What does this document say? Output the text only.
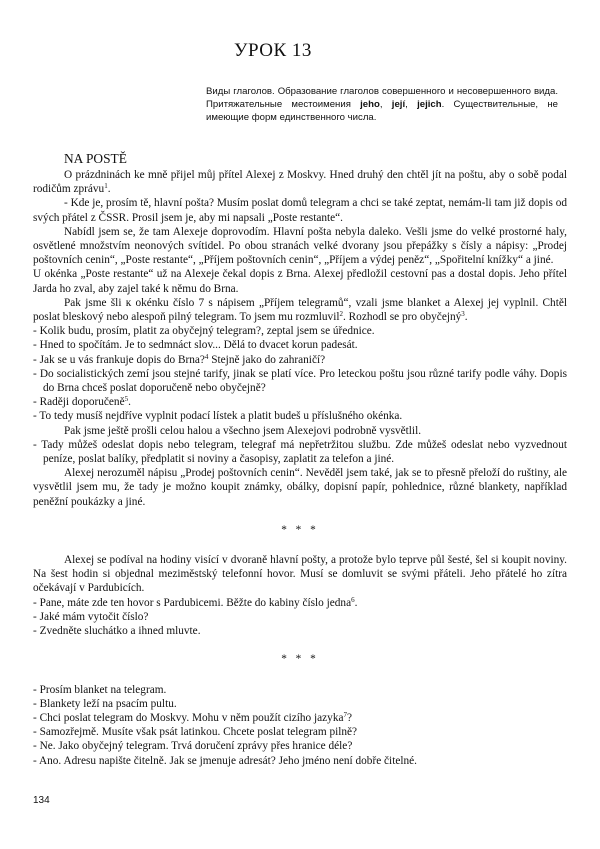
УРОК 13

Виды глаголов. Образование глаголов совершенного и несовершенного вида. Притяжательные местоимения jeho, její, jejich. Существительные, не имеющие форм единственного числа.

NA POSTĚ

O prázdninách ke mně přijel můj přítel Alexej z Moskvy. Hned druhý den chtěl jít na poštu, aby o sobě podal rodičům zprávu$^1$.

- Kde je, prosím tě, hlavní pošta? Musím poslat domů telegram a chci se také zeptat, nemám-li tam již dopis od svých přátel z ČSSR. Prosil jsem je, aby mi napsali „Poste restante“.

Nabídl jsem se, že tam Alexeje doprovodím. Hlavní pošta nebyla daleko. Vešli jsme do velké prostorné haly, osvětlené množstvím neonových svítidel. Po obou stranách velké dvorany jsou přepážky s čísly a nápisy: „Prodej poštovních cenin“, „Poste restante“, „Příjem poštovních cenin“, „Příjem a výdej peněz“, „Spořitelní knížky“ a jiné.

U okénka „Poste restante“ už na Alexeje čekal dopis z Brna. Alexej předložil cestovní pas a dostal dopis. Jeho přítel Jarda ho zval, aby zajel také k němu do Brna.

Pak jsme šli к okénku číslo 7 s nápisem „Příjem telegramů“, vzali jsme blanket a Alexej jej vyplnil. Chtěl poslat bleskový nebo alespoň pilný telegram. To jsem mu rozmluvil$^2$. Rozhodl se pro obyčejný$^3$.

- Kolik budu, prosím, platit za obyčejný telegram?, zeptal jsem se úřednice.

- Hned to spočítám. Je to sedmnáct slov... Dělá to dvacet korun padesát.

- Jak se u vás frankuje dopis do Brna?$^4$ Stejně jako do zahraničí?

- Do socialistických zemí jsou stejné tarify, jinak se platí více. Pro leteckou poštu jsou různé tarify podle váhy. Dopis do Brna chceš poslat doporučeně nebo obyčejně?

- Raději doporučeně$^5$.

- To tedy musíš nejdříve vyplnit podací lístek a platit budeš u příslušného okénka.

Pak jsme ještě prošli celou halou a všechno jsem Alexejovi podrobně vysvětlil.

- Tady můžeš odeslat dopis nebo telegram, telegraf má nepřetržitou službu. Zde můžeš odeslat nebo vyzvednout peníze, poslat balíky, předplatit si noviny a časopisy, zaplatit za telefon a jiné.

Alexej nerozuměl nápisu „Prodej poštovních cenin“. Nevěděl jsem také, jak se to přesně přeloží do ruštiny, ale vysvětlil jsem mu, že tady je možno koupit známky, obálky, dopisní papír, pohlednice, různé blankety, například peněžní poukázky a jiné.

* * *

Alexej se podíval na hodiny visící v dvoraně hlavní pošty, a protože bylo teprve půl šesté, šel si koupit noviny. Na šest hodin si objednal meziměstský telefonní hovor. Musí se domluvit se svými přáteli. Jeho přátelé ho zítra očekávají v Pardubicích.

- Pane, máte zde ten hovor s Pardubicemi. Běžte do kabiny číslo jedna$^6$.

- Jaké mám vytočit číslo?

- Zvedněte sluchátko a ihned mluvte.

* * *

- Prosím blanket na telegram.

- Blankety leží na psacím pultu.

- Chci poslat telegram do Moskvy. Mohu v něm použít cizího jazyka$^7$?

- Samozřejmě. Musíte však psát latinkou. Chcete poslat telegram pilně?

- Ne. Jako obyčejný telegram. Trvá doručení zprávy přes hranice déle?

- Ano. Adresu napište čitelně. Jak se jmenuje adresát? Jeho jméno není dobře čitelné.

134
